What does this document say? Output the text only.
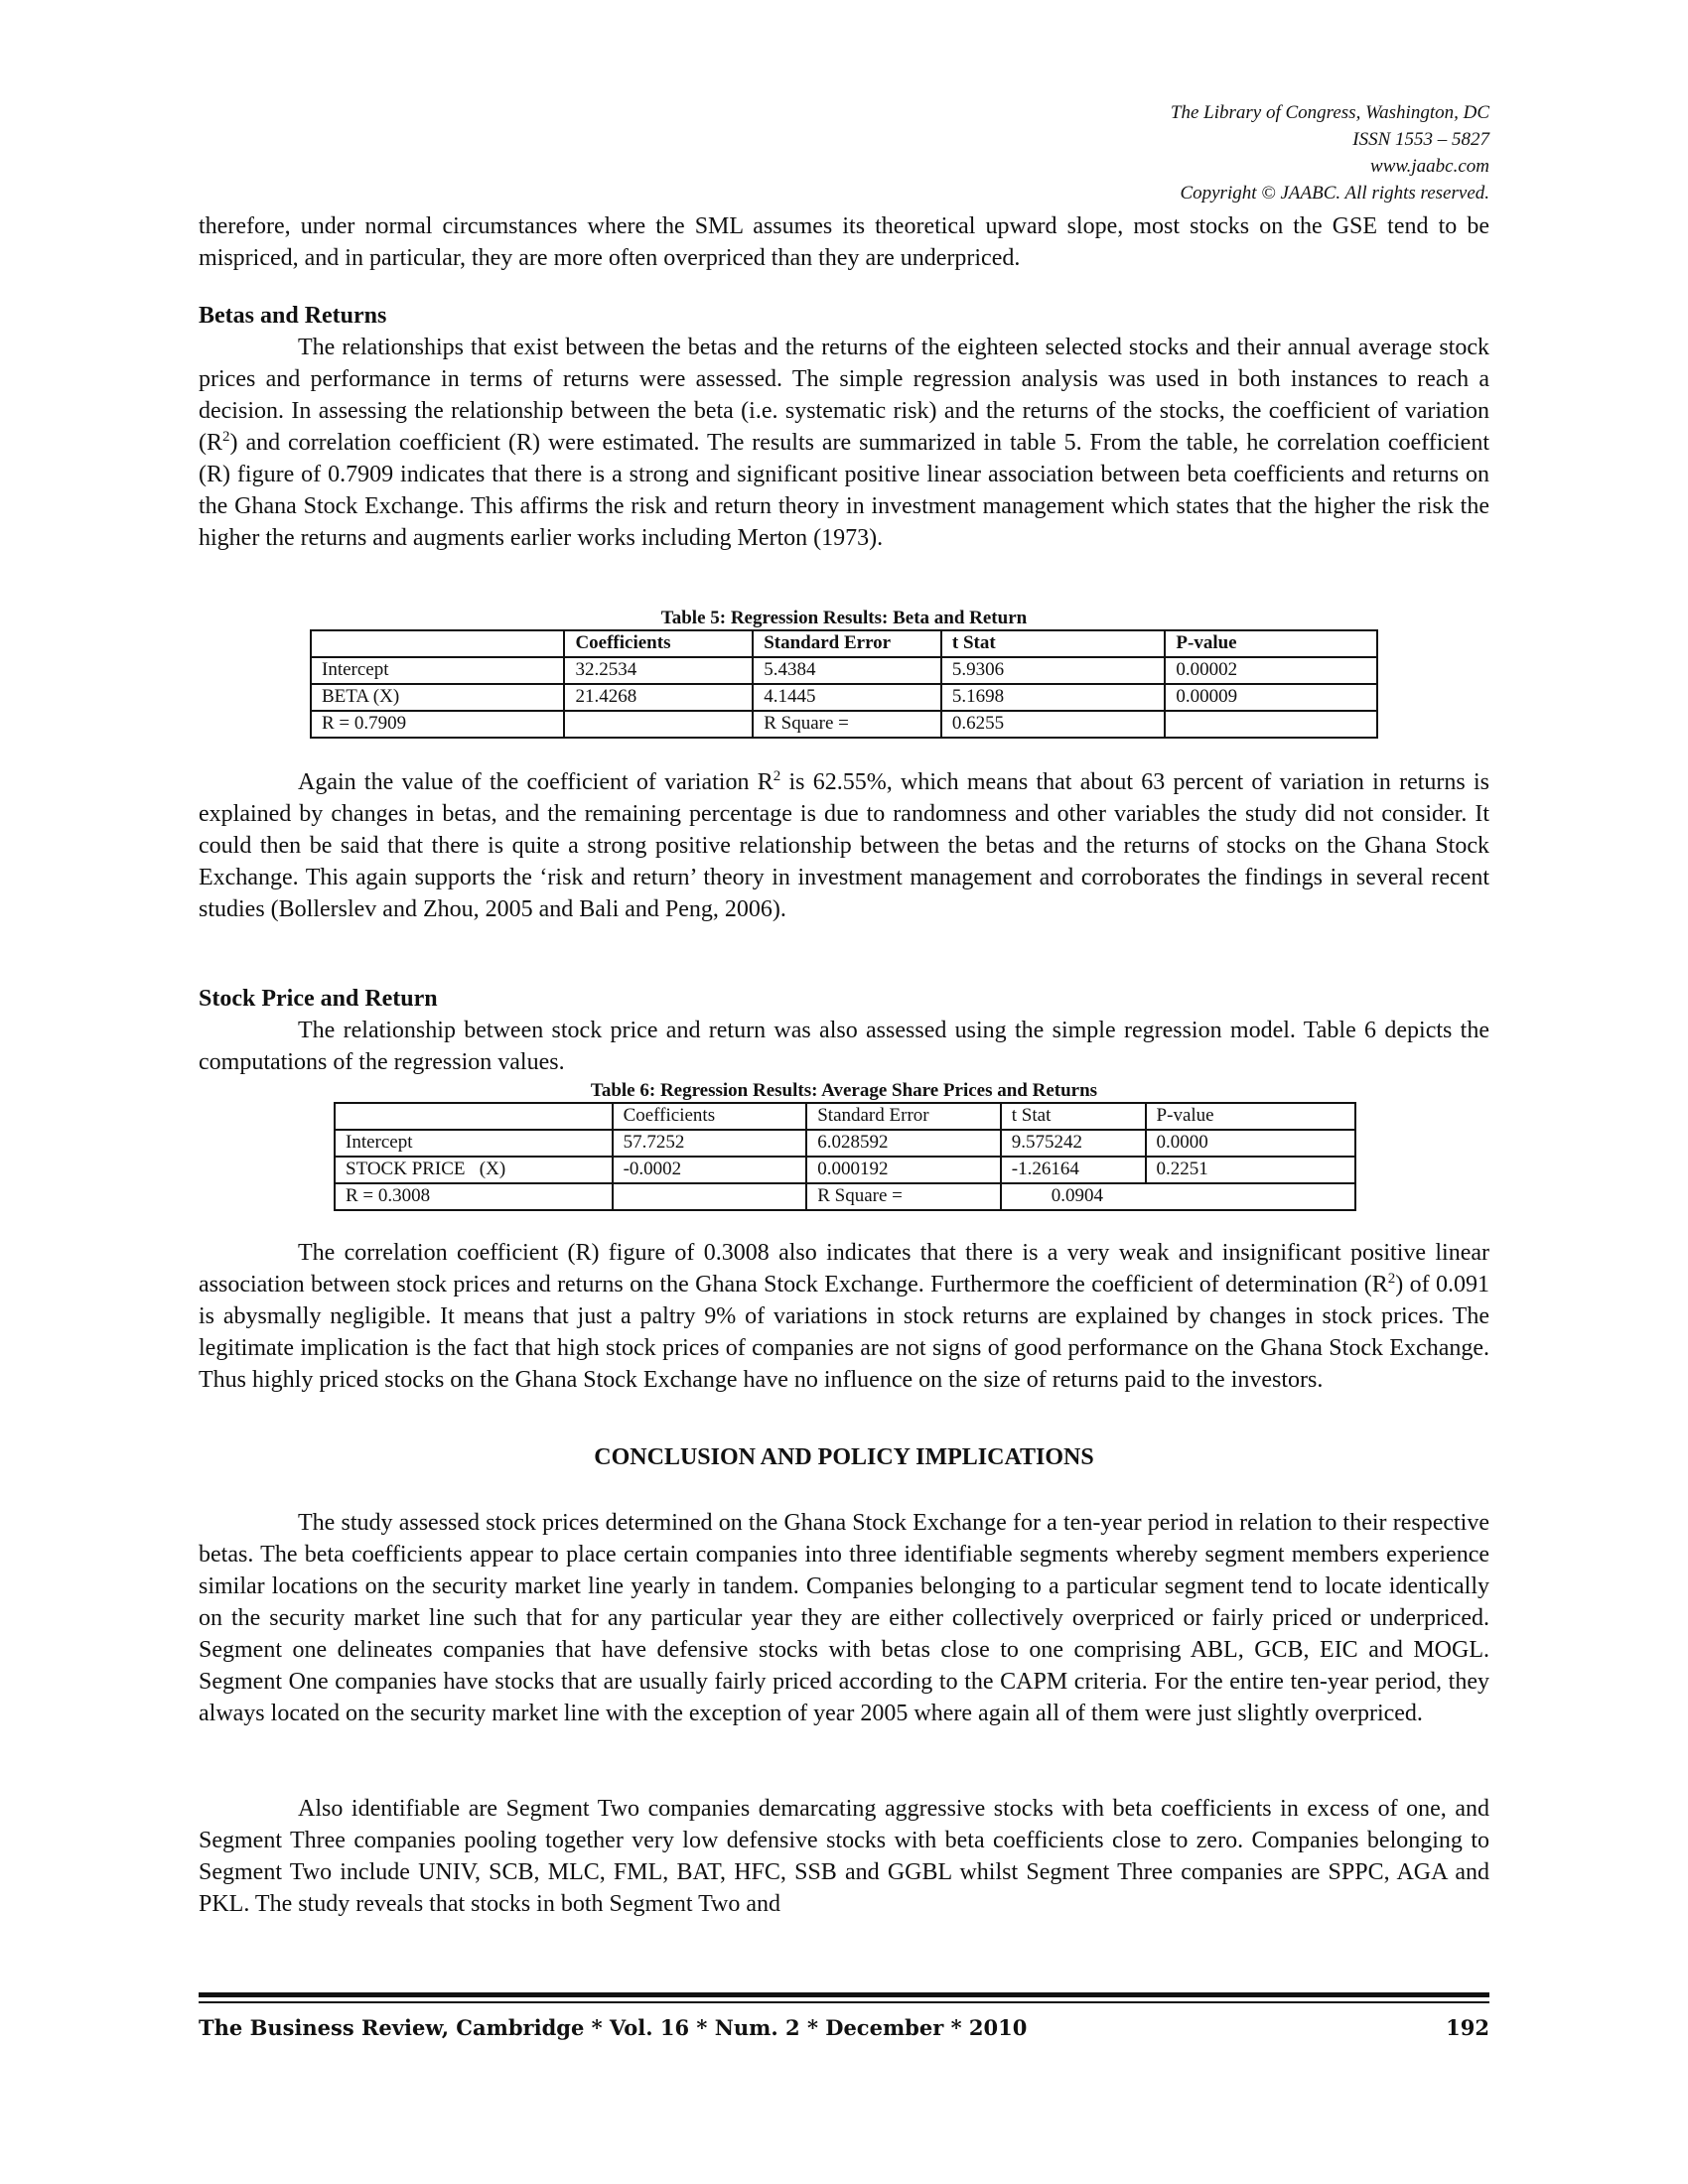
The Library of Congress, Washington, DC
ISSN 1553 – 5827
www.jaabc.com
Copyright © JAABC. All rights reserved.

therefore, under normal circumstances where the SML assumes its theoretical upward slope, most stocks on the GSE tend to be mispriced, and in particular, they are more often overpriced than they are underpriced.

Betas and Returns

The relationships that exist between the betas and the returns of the eighteen selected stocks and their annual average stock prices and performance in terms of returns were assessed. The simple regression analysis was used in both instances to reach a decision. In assessing the relationship between the beta (i.e. systematic risk) and the returns of the stocks, the coefficient of variation $(R^2)$ and correlation coefficient (R) were estimated. The results are summarized in table 5. From the table, he correlation coefficient (R) figure of 0.7909 indicates that there is a strong and significant positive linear association between beta coefficients and returns on the Ghana Stock Exchange. This affirms the risk and return theory in investment management which states that the higher the risk the higher the returns and augments earlier works including Merton (1973).

Table 5: Regression Results: Beta and Return

	Coefficients	Standard Error	t Stat	P-value
Intercept	32.2534	5.4384	5.9306	0.00002
BETA (X)	21.4268	4.1445	5.1698	0.00009
R = 0.7909		R Square =	0.6255	

Again the value of the coefficient of variation $R^2$ is 62.55%, which means that about 63 percent of variation in returns is explained by changes in betas, and the remaining percentage is due to randomness and other variables the study did not consider. It could then be said that there is quite a strong positive relationship between the betas and the returns of stocks on the Ghana Stock Exchange. This again supports the ‘risk and return’ theory in investment management and corroborates the findings in several recent studies (Bollerslev and Zhou, 2005 and Bali and Peng, 2006).

Stock Price and Return

The relationship between stock price and return was also assessed using the simple regression model. Table 6 depicts the computations of the regression values.

Table 6: Regression Results: Average Share Prices and Returns

	Coefficients	Standard Error	t Stat	P-value
Intercept	57.7252	6.028592	9.575242	0.0000
STOCK PRICE   (X)	-0.0002	0.000192	-1.26164	0.2251
R = 0.3008		R Square =	0.0904	

The correlation coefficient (R) figure of 0.3008 also indicates that there is a very weak and insignificant positive linear association between stock prices and returns on the Ghana Stock Exchange. Furthermore the coefficient of determination $(R^2)$ of 0.091 is abysmally negligible. It means that just a paltry 9% of variations in stock returns are explained by changes in stock prices. The legitimate implication is the fact that high stock prices of companies are not signs of good performance on the Ghana Stock Exchange. Thus highly priced stocks on the Ghana Stock Exchange have no influence on the size of returns paid to the investors.

CONCLUSION AND POLICY IMPLICATIONS

The study assessed stock prices determined on the Ghana Stock Exchange for a ten-year period in relation to their respective betas. The beta coefficients appear to place certain companies into three identifiable segments whereby segment members experience similar locations on the security market line yearly in tandem. Companies belonging to a particular segment tend to locate identically on the security market line such that for any particular year they are either collectively overpriced or fairly priced or underpriced. Segment one delineates companies that have defensive stocks with betas close to one comprising ABL, GCB, EIC and MOGL. Segment One companies have stocks that are usually fairly priced according to the CAPM criteria. For the entire ten-year period, they always located on the security market line with the exception of year 2005 where again all of them were just slightly overpriced.

Also identifiable are Segment Two companies demarcating aggressive stocks with beta coefficients in excess of one, and Segment Three companies pooling together very low defensive stocks with beta coefficients close to zero. Companies belonging to Segment Two include UNIV, SCB, MLC, FML, BAT, HFC, SSB and GGBL whilst Segment Three companies are SPPC, AGA and PKL. The study reveals that stocks in both Segment Two and

The Business Review, Cambridge * Vol. 16 * Num. 2 * December * 2010	192
